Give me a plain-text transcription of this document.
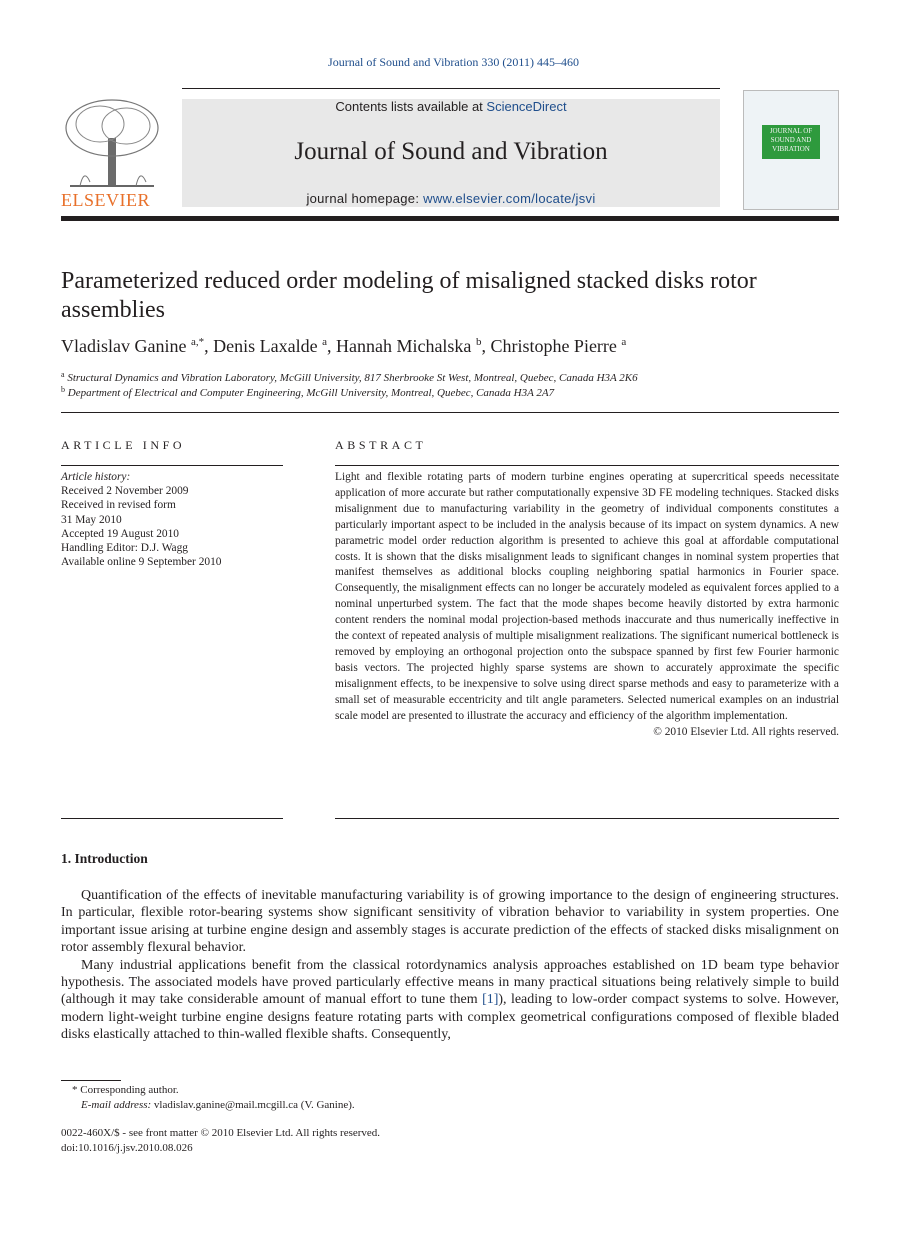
Journal of Sound and Vibration 330 (2011) 445–460
ELSEVIER
Contents lists available at ScienceDirect
Journal of Sound and Vibration
journal homepage: www.elsevier.com/locate/jsvi
JOURNAL OF SOUND AND VIBRATION
Parameterized reduced order modeling of misaligned stacked disks rotor assemblies
Vladislav Ganine $^{a,*}$, Denis Laxalde $^a$, Hannah Michalska $^b$, Christophe Pierre $^a$
$^a$ Structural Dynamics and Vibration Laboratory, McGill University, 817 Sherbrooke St West, Montreal, Quebec, Canada H3A 2K6
$^b$ Department of Electrical and Computer Engineering, McGill University, Montreal, Quebec, Canada H3A 2A7
ARTICLE INFO
Article history:
Received 2 November 2009
Received in revised form
31 May 2010
Accepted 19 August 2010
Handling Editor: D.J. Wagg
Available online 9 September 2010
ABSTRACT
Light and flexible rotating parts of modern turbine engines operating at supercritical speeds necessitate application of more accurate but rather computationally expensive 3D FE modeling techniques. Stacked disks misalignment due to manufacturing variability in the geometry of individual components constitutes a particularly important aspect to be included in the analysis because of its impact on system dynamics. A new parametric model order reduction algorithm is presented to achieve this goal at affordable computational costs. It is shown that the disks misalignment leads to significant changes in nominal system properties that manifest themselves as additional blocks coupling neighboring spatial harmonics in Fourier space. Consequently, the misalignment effects can no longer be accurately modeled as equivalent forces applied to a nominal unperturbed system. The fact that the mode shapes become heavily distorted by extra harmonic content renders the nominal modal projection-based methods inaccurate and thus numerically ineffective in the context of repeated analysis of multiple misalignment realizations. The significant numerical bottleneck is removed by employing an orthogonal projection onto the subspace spanned by first few Fourier harmonic basis vectors. The projected highly sparse systems are shown to accurately approximate the specific misalignment effects, to be inexpensive to solve using direct sparse methods and easy to parameterize with a small set of measurable eccentricity and tilt angle parameters. Selected numerical examples on an industrial scale model are presented to illustrate the accuracy and efficiency of the algorithm implementation.
© 2010 Elsevier Ltd. All rights reserved.
1. Introduction

Quantification of the effects of inevitable manufacturing variability is of growing importance to the design of engineering structures. In particular, flexible rotor-bearing systems show significant sensitivity of vibration behavior to variability in system properties. One important issue arising at turbine engine design and assembly stages is accurate prediction of the effects of stacked disks misalignment on rotor assembly flexural behavior.

Many industrial applications benefit from the classical rotordynamics analysis approaches established on 1D beam type behavior hypothesis. The associated models have proved particularly effective means in many practical situations being relatively simple to build (although it may take considerable amount of manual effort to tune them [1]), leading to low-order compact systems to solve. However, modern light-weight turbine engine designs feature rotating parts with complex geometrical configurations composed of flexible bladed disks elastically attached to thin-walled flexible shafts. Consequently,

* Corresponding author.
E-mail address: vladislav.ganine@mail.mcgill.ca (V. Ganine).
0022-460X/$ - see front matter © 2010 Elsevier Ltd. All rights reserved.
doi:10.1016/j.jsv.2010.08.026
